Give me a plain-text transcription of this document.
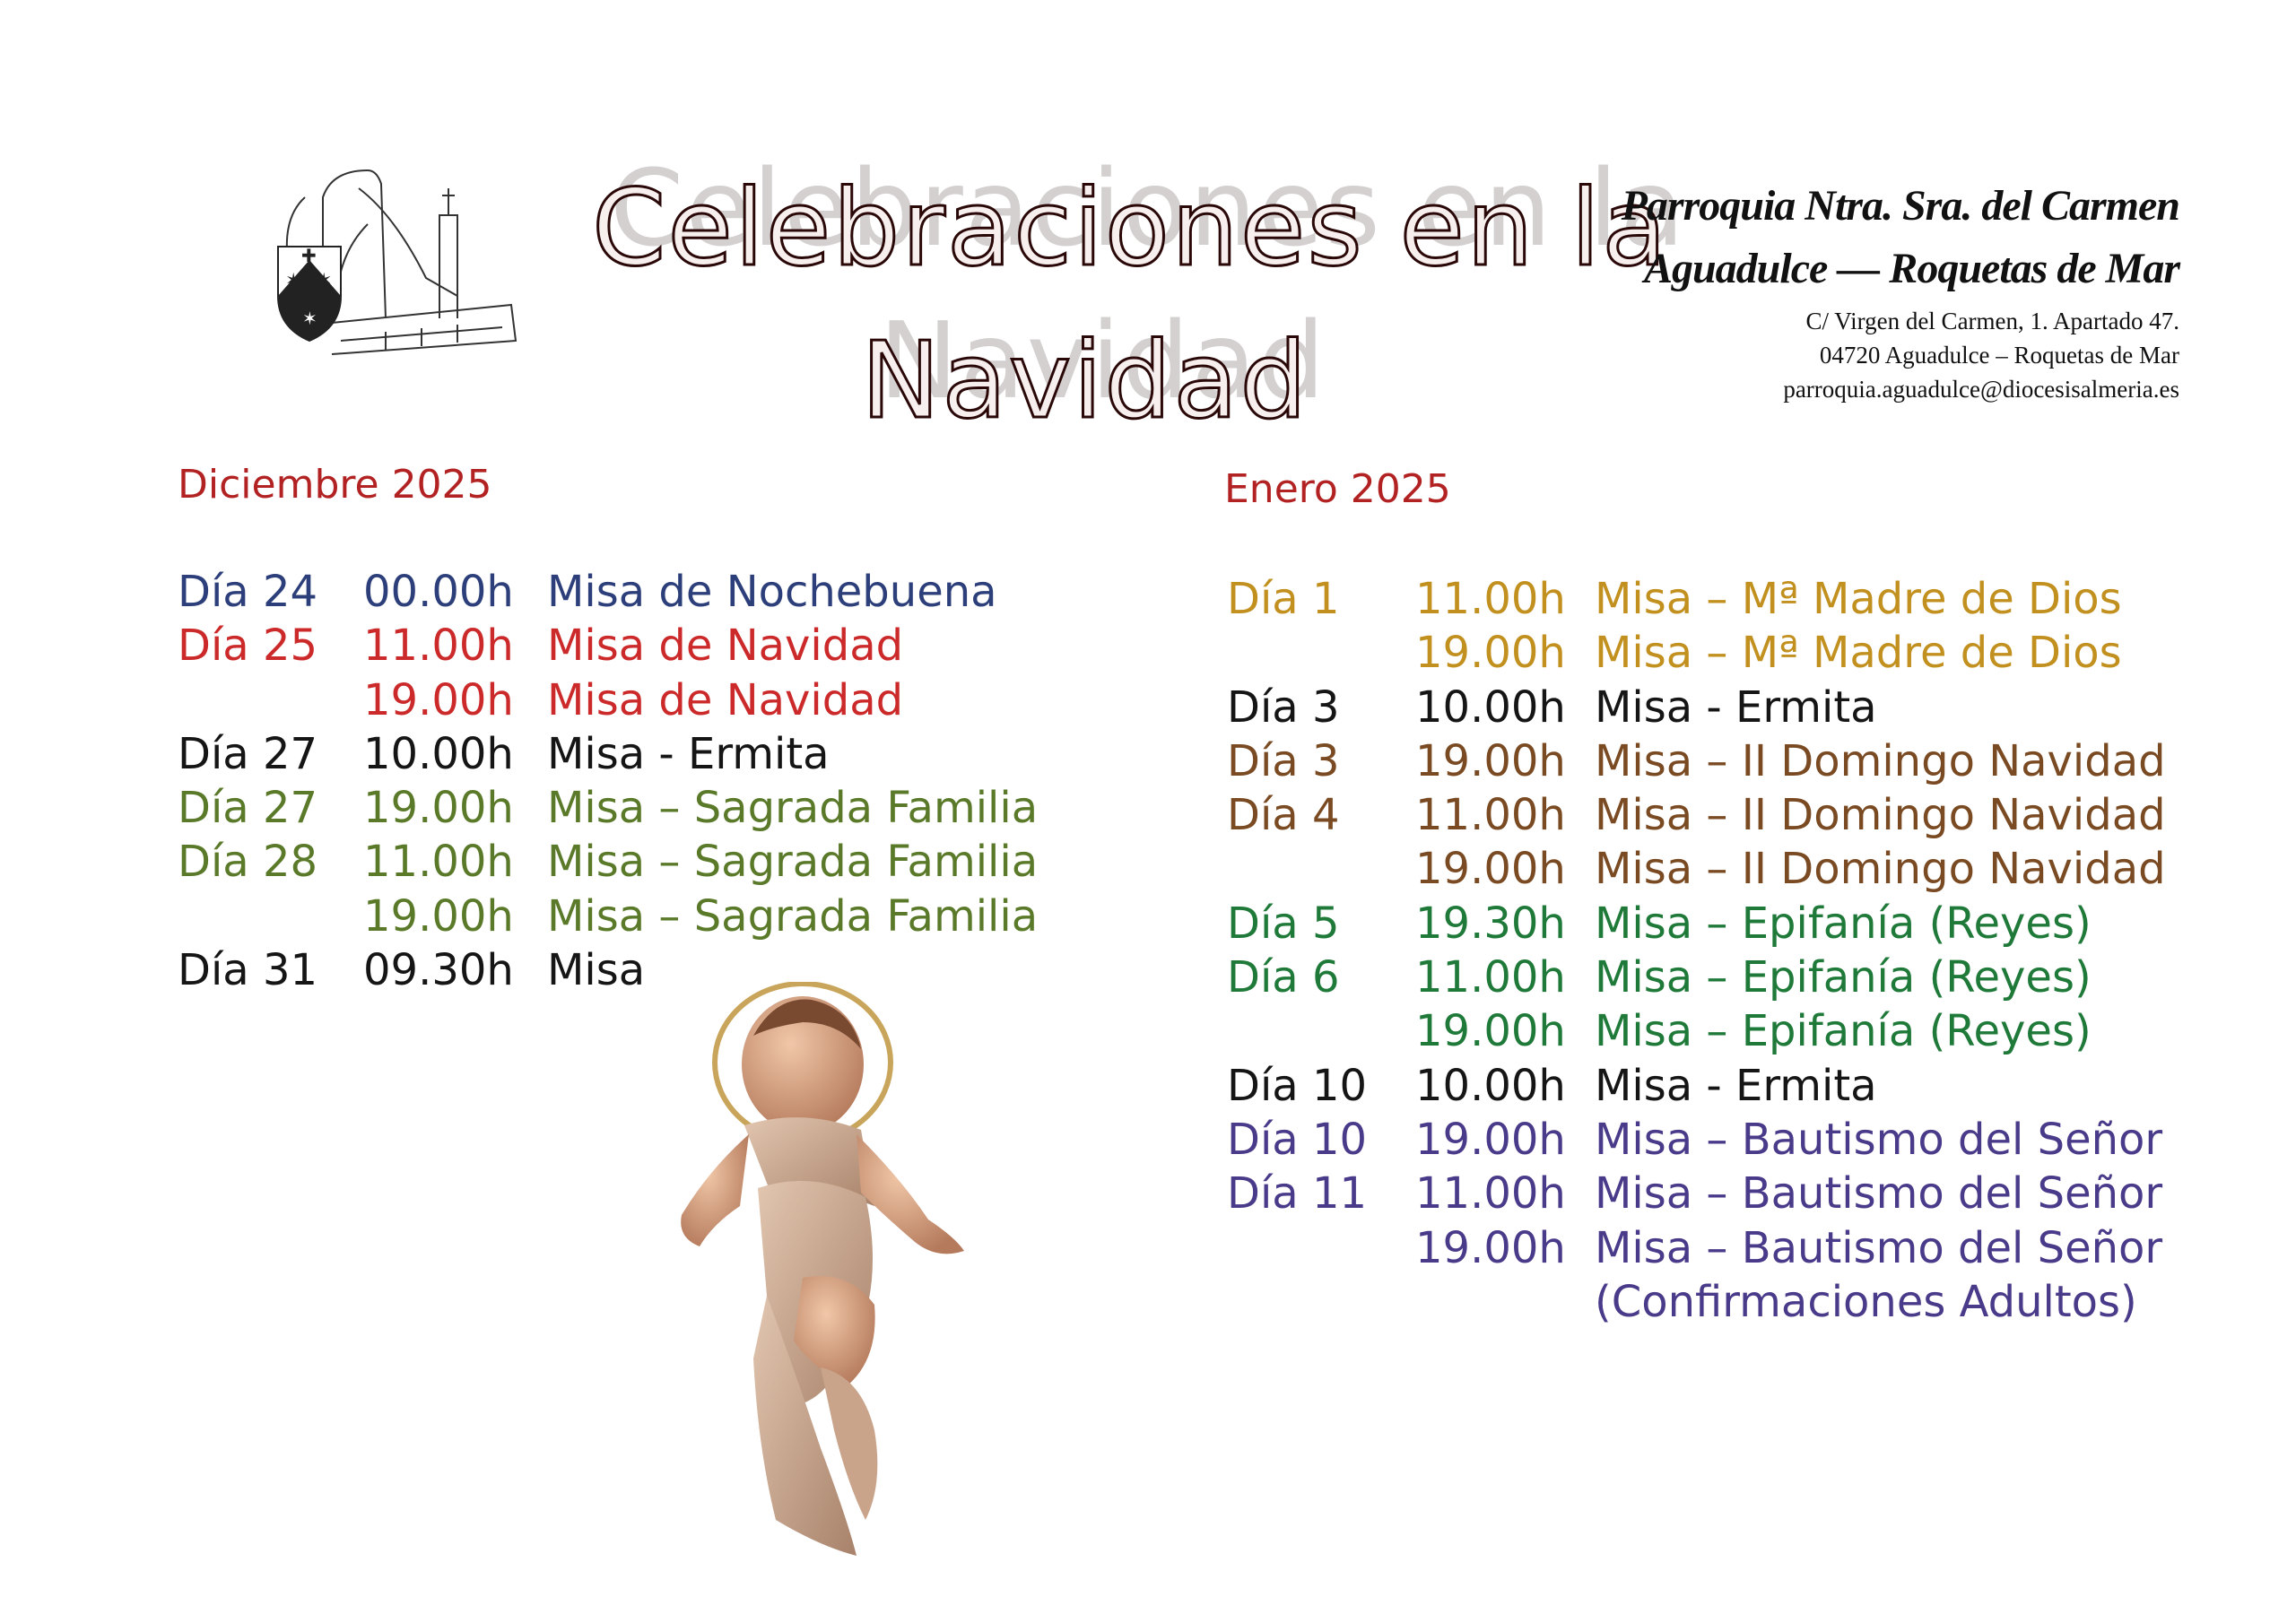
✶ ✶
✚
✶
Celebraciones en la
Navidad
Parroquia Ntra. Sra. del Carmen
Aguadulce — Roquetas de Mar
C/ Virgen del Carmen, 1. Apartado 47.
04720 Aguadulce – Roquetas de Mar
parroquia.aguadulce@diocesisalmeria.es
Diciembre 2025	Enero 2025
Día 24 00.00h Misa de Nochebuena
Día 25 11.00h Misa de Navidad
19.00h Misa de Navidad
Día 27 10.00h Misa - Ermita
Día 27 19.00h Misa – Sagrada Familia
Día 28 11.00h Misa – Sagrada Familia
19.00h Misa – Sagrada Familia
Día 31 09.30h Misa
Día 1 11.00h Misa – Mª Madre de Dios
19.00h Misa – Mª Madre de Dios
Día 3 10.00h Misa - Ermita
Día 3 19.00h Misa – II Domingo Navidad
Día 4 11.00h Misa – II Domingo Navidad
19.00h Misa – II Domingo Navidad
Día 5 19.30h Misa – Epifanía (Reyes)
Día 6 11.00h Misa – Epifanía (Reyes)
19.00h Misa – Epifanía (Reyes)
Día 10 10.00h Misa - Ermita
Día 10 19.00h Misa – Bautismo del Señor
Día 11 11.00h Misa – Bautismo del Señor
19.00h Misa – Bautismo del Señor
(Confirmaciones Adultos)
